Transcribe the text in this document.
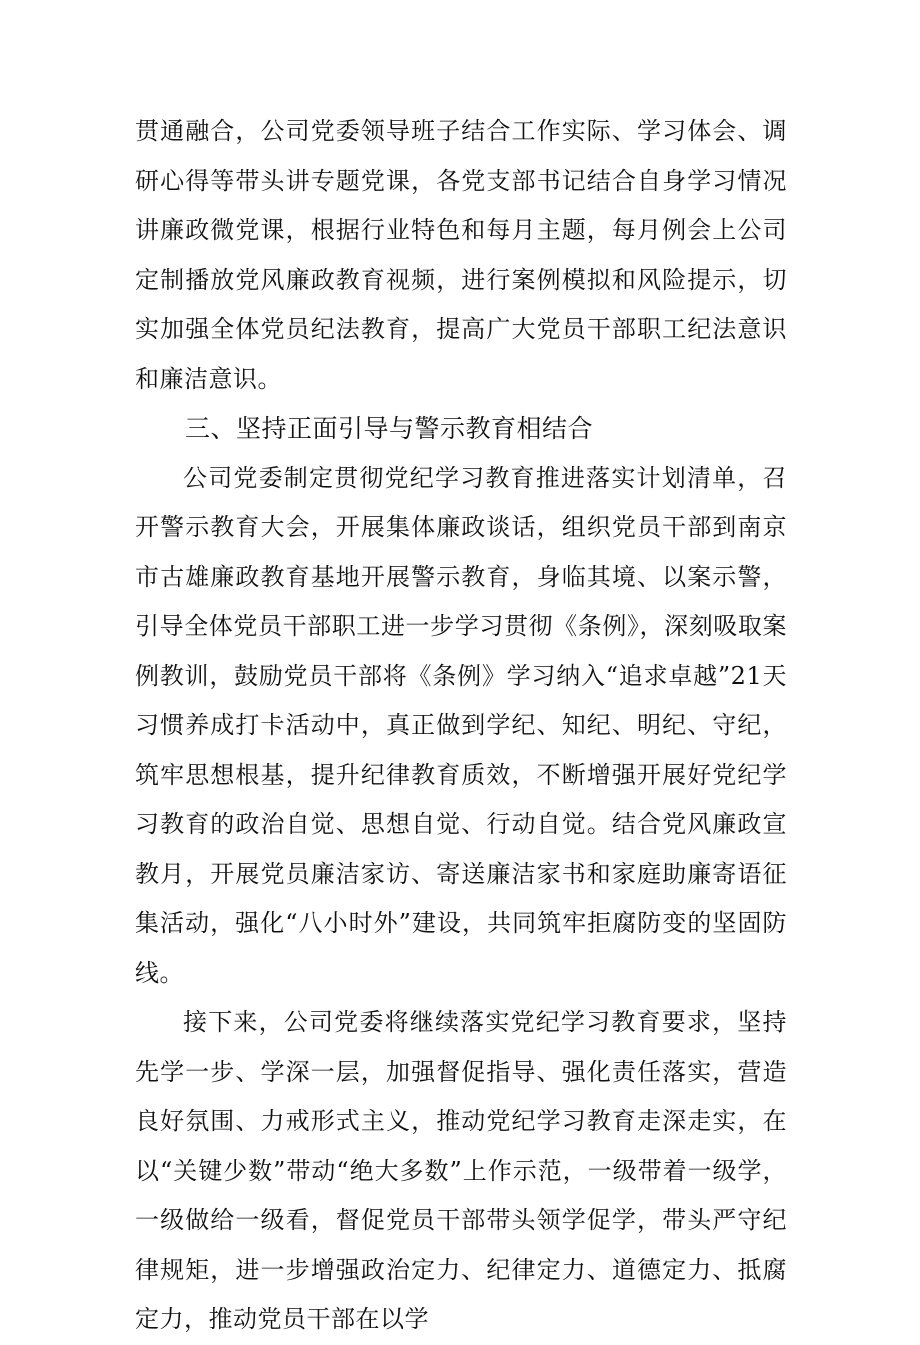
贯通融合，公司党委领导班子结合工作实际、学习体会、调研心得等带头讲专题党课，各党支部书记结合自身学习情况讲廉政微党课，根据行业特色和每月主题，每月例会上公司定制播放党风廉政教育视频，进行案例模拟和风险提示，切实加强全体党员纪法教育，提高广大党员干部职工纪法意识和廉洁意识。

三、坚持正面引导与警示教育相结合

公司党委制定贯彻党纪学习教育推进落实计划清单，召开警示教育大会，开展集体廉政谈话，组织党员干部到南京市古雄廉政教育基地开展警示教育，身临其境、以案示警，引导全体党员干部职工进一步学习贯彻《条例》，深刻吸取案例教训，鼓励党员干部将《条例》学习纳入“追求卓越”21天习惯养成打卡活动中，真正做到学纪、知纪、明纪、守纪，筑牢思想根基，提升纪律教育质效，不断增强开展好党纪学习教育的政治自觉、思想自觉、行动自觉。结合党风廉政宣教月，开展党员廉洁家访、寄送廉洁家书和家庭助廉寄语征集活动，强化“八小时外”建设，共同筑牢拒腐防变的坚固防线。

接下来，公司党委将继续落实党纪学习教育要求，坚持先学一步、学深一层，加强督促指导、强化责任落实，营造良好氛围、力戒形式主义，推动党纪学习教育走深走实，在以“关键少数”带动“绝大多数”上作示范，一级带着一级学，一级做给一级看，督促党员干部带头领学促学，带头严守纪律规矩，进一步增强政治定力、纪律定力、道德定力、抵腐定力，推动党员干部在以学
